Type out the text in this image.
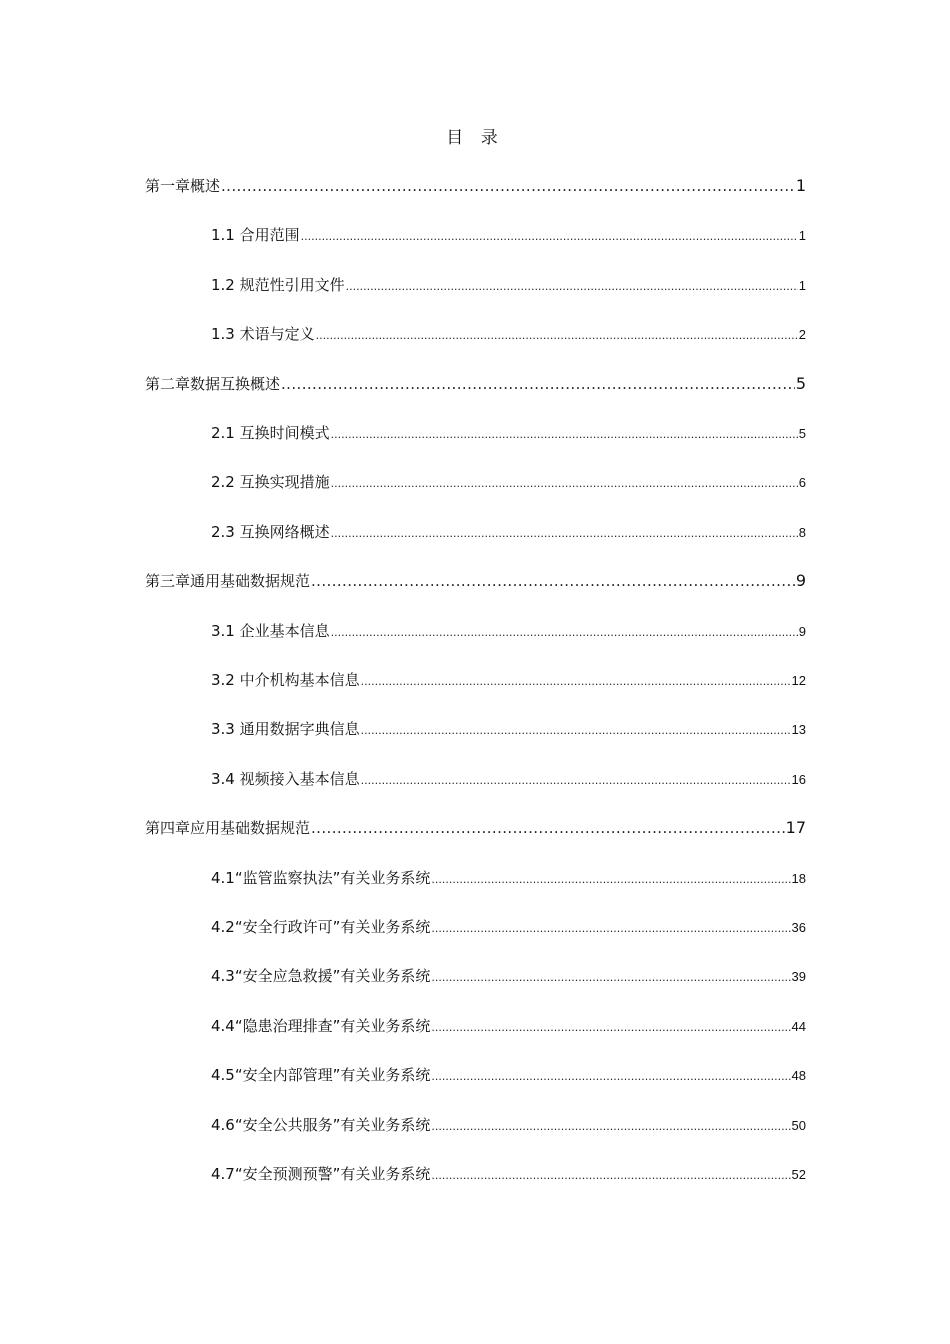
目 录
第一章概述 .....	1
1.1 合用范围 .....	1
1.2 规范性引用文件 .....	1
1.3 术语与定义 .....	2
第二章数据互换概述 .....	5
2.1 互换时间模式 .....	5
2.2 互换实现措施 .....	6
2.3 互换网络概述 .....	8
第三章通用基础数据规范 .....	9
3.1 企业基本信息 .....	9
3.2 中介机构基本信息 .....	12
3.3 通用数据字典信息 .....	13
3.4 视频接入基本信息 .....	16
第四章应用基础数据规范 .....	17
4.1“监管监察执法”有关业务系统 .....	18
4.2“安全行政许可”有关业务系统 .....	36
4.3“安全应急救援”有关业务系统 .....	39
4.4“隐患治理排查”有关业务系统 .....	44
4.5“安全内部管理”有关业务系统 .....	48
4.6“安全公共服务”有关业务系统 .....	50
4.7“安全预测预警”有关业务系统 .....	52
